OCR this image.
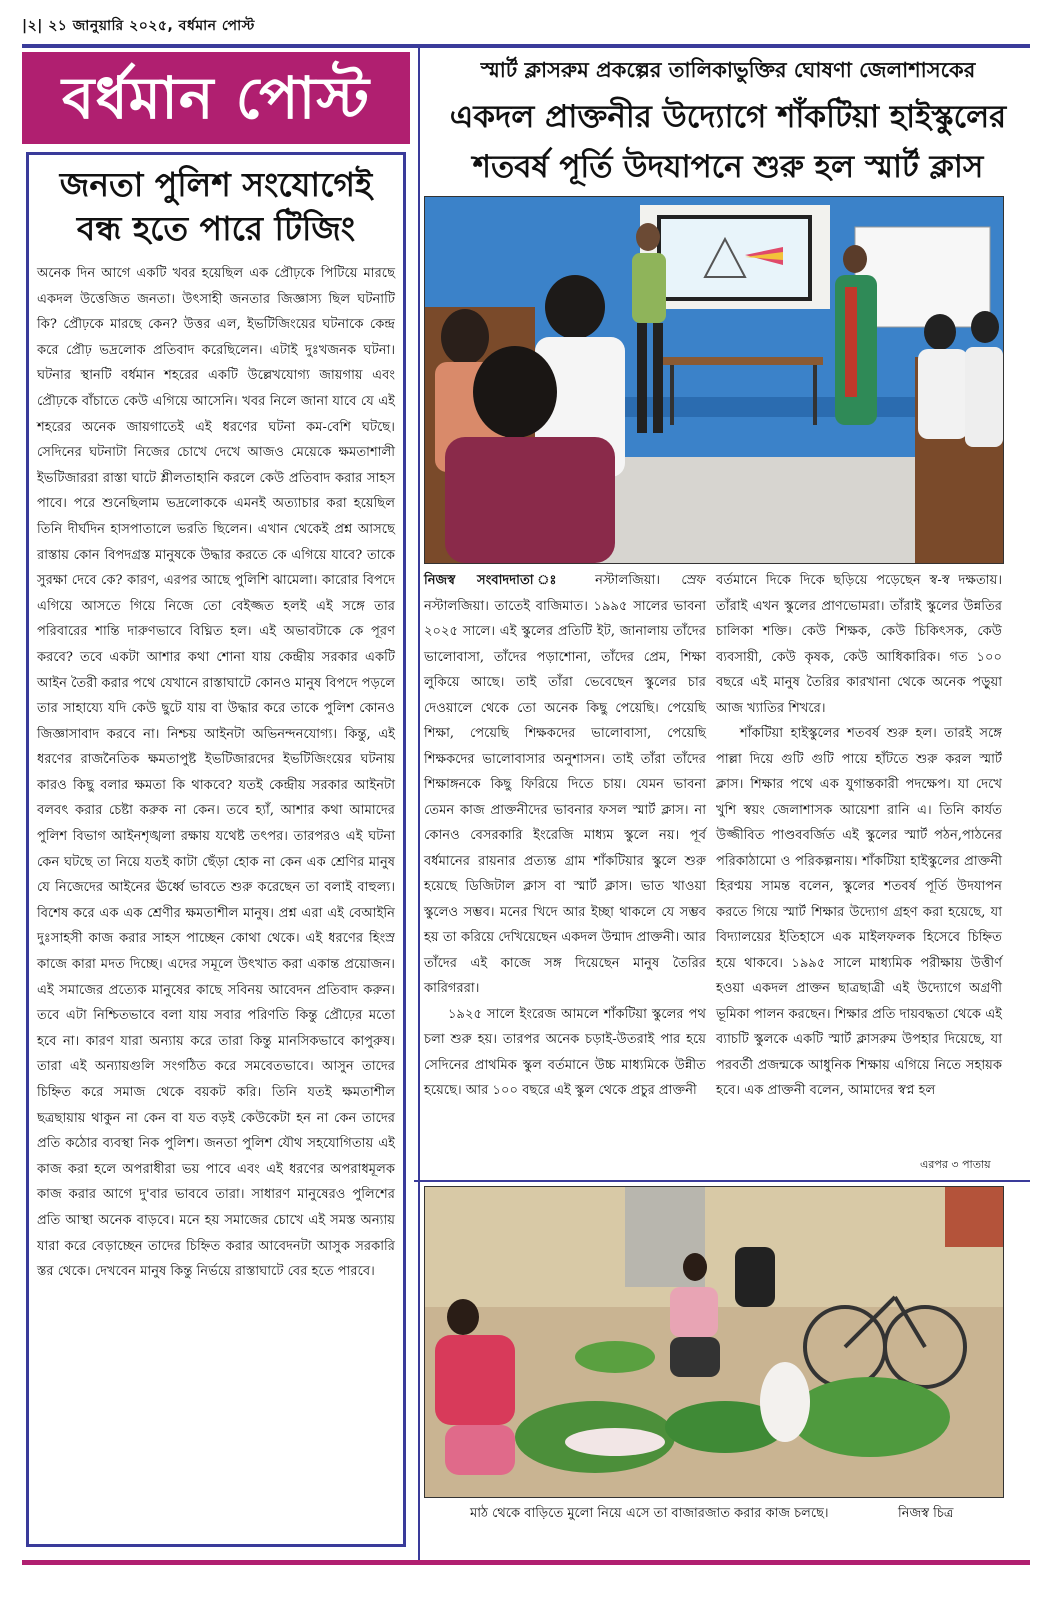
|২| ২১ জানুয়ারি ২০২৫, বর্ধমান পোস্ট
বর্ধমান পোস্ট
জনতা পুলিশ সংযোগেই বন্ধ হতে পারে টিজিং
অনেক দিন আগে একটি খবর হয়েছিল এক প্রৌঢ়কে পিটিয়ে মারছে একদল উত্তেজিত জনতা। উৎসাহী জনতার জিজ্ঞাস্য ছিল ঘটনাটি কি? প্রৌঢ়কে মারছে কেন? উত্তর এল, ইভটিজিংয়ের ঘটনাকে কেন্দ্র করে প্রৌঢ় ভদ্রলোক প্রতিবাদ করেছিলেন। এটাই দুঃখজনক ঘটনা। ঘটনার স্থানটি বর্ধমান শহরের একটি উল্লেখযোগ্য জায়গায় এবং প্রৌঢ়কে বাঁচাতে কেউ এগিয়ে আসেনি। খবর নিলে জানা যাবে যে এই শহরের অনেক জায়গাতেই এই ধরণের ঘটনা কম-বেশি ঘটছে। সেদিনের ঘটনাটা নিজের চোখে দেখে আজও মেয়েকে ক্ষমতাশালী ইভটিজাররা রাস্তা ঘাটে শ্লীলতাহানি করলে কেউ প্রতিবাদ করার সাহস পাবে। পরে শুনেছিলাম ভদ্রলোককে এমনই অত্যাচার করা হয়েছিল তিনি দীর্ঘদিন হাসপাতালে ভরতি ছিলেন। এখান থেকেই প্রশ্ন আসছে রাস্তায় কোন বিপদগ্রস্ত মানুষকে উদ্ধার করতে কে এগিয়ে যাবে? তাকে সুরক্ষা দেবে কে? কারণ, এরপর আছে পুলিশি ঝামেলা। কারোর বিপদে এগিয়ে আসতে গিয়ে নিজে তো বেইজ্জত হলই এই সঙ্গে তার পরিবারের শান্তি দারুণভাবে বিঘ্নিত হল। এই অভাবটাকে কে পূরণ করবে? তবে একটা আশার কথা শোনা যায় কেন্দ্রীয় সরকার একটি আইন তৈরী করার পথে যেখানে রাস্তাঘাটে কোনও মানুষ বিপদে পড়লে তার সাহায্যে যদি কেউ ছুটে যায় বা উদ্ধার করে তাকে পুলিশ কোনও জিজ্ঞাসাবাদ করবে না। নিশ্চয় আইনটা অভিনন্দনযোগ্য। কিন্তু, এই ধরণের রাজনৈতিক ক্ষমতাপুষ্ট ইভটিজারদের ইভটিজিংয়ের ঘটনায় কারও কিছু বলার ক্ষমতা কি থাকবে? যতই কেন্দ্রীয় সরকার আইনটা বলবৎ করার চেষ্টা করুক না কেন। তবে হ্যাঁ, আশার কথা আমাদের পুলিশ বিভাগ আইনশৃঙ্খলা রক্ষায় যথেষ্ট তৎপর। তারপরও এই ঘটনা কেন ঘটছে তা নিয়ে যতই কাটা ছেঁড়া হোক না কেন এক শ্রেণির মানুষ যে নিজেদের আইনের ঊর্ধ্বে ভাবতে শুরু করেছেন তা বলাই বাহুল্য। বিশেষ করে এক এক শ্রেণীর ক্ষমতাশীল মানুষ। প্রশ্ন এরা এই বেআইনি দুঃসাহসী কাজ করার সাহস পাচ্ছেন কোথা থেকে। এই ধরণের হিংস্র কাজে কারা মদত দিচ্ছে। এদের সমূলে উৎখাত করা একান্ত প্রয়োজন। এই সমাজের প্রত্যেক মানুষের কাছে সবিনয় আবেদন প্রতিবাদ করুন। তবে এটা নিশ্চিতভাবে বলা যায় সবার পরিণতি কিন্তু প্রৌঢ়ের মতো হবে না। কারণ যারা অন্যায় করে তারা কিন্তু মানসিকভাবে কাপুরুষ। তারা এই অন্যায়গুলি সংগঠিত করে সমবেতভাবে। আসুন তাদের চিহ্নিত করে সমাজ থেকে বয়কট করি। তিনি যতই ক্ষমতাশীল ছত্রছায়ায় থাকুন না কেন বা যত বড়ই কেউকেটা হন না কেন তাদের প্রতি কঠোর ব্যবস্থা নিক পুলিশ। জনতা পুলিশ যৌথ সহযোগিতায় এই কাজ করা হলে অপরাধীরা ভয় পাবে এবং এই ধরণের অপরাধমূলক কাজ করার আগে দু'বার ভাববে তারা। সাধারণ মানুষেরও পুলিশের প্রতি আস্থা অনেক বাড়বে। মনে হয় সমাজের চোখে এই সমস্ত অন্যায় যারা করে বেড়াচ্ছেন তাদের চিহ্নিত করার আবেদনটা আসুক সরকারি স্তর থেকে। দেখবেন মানুষ কিন্তু নির্ভয়ে রাস্তাঘাটে বের হতে পারবে।
স্মার্ট ক্লাসরুম প্রকল্পের তালিকাভুক্তির ঘোষণা জেলাশাসকের
একদল প্রাক্তনীর উদ্যোগে শাঁকটিয়া হাইস্কুলের
শতবর্ষ পূর্তি উদযাপনে শুরু হল স্মার্ট ক্লাস

নিজস্ব সংবাদদাতা ঃ নস্টালজিয়া। স্রেফ নস্টালজিয়া। তাতেই বাজিমাত। ১৯৯৫ সালের ভাবনা ২০২৫ সালে। এই স্কুলের প্রতিটি ইট, জানালায় তাঁদের ভালোবাসা, তাঁদের পড়াশোনা, তাঁদের প্রেম, শিক্ষা লুকিয়ে আছে। তাই তাঁরা ভেবেছেন স্কুলের চার দেওয়ালে থেকে তো অনেক কিছু পেয়েছি। পেয়েছি শিক্ষা, পেয়েছি শিক্ষকদের ভালোবাসা, পেয়েছি শিক্ষকদের ভালোবাসার অনুশাসন। তাই তাঁরা তাঁদের শিক্ষাঙ্গনকে কিছু ফিরিয়ে দিতে চায়। যেমন ভাবনা তেমন কাজ প্রাক্তনীদের ভাবনার ফসল স্মার্ট ক্লাস। না কোনও বেসরকারি ইংরেজি মাধ্যম স্কুলে নয়। পূর্ব বর্ধমানের রায়নার প্রত্যন্ত গ্রাম শাঁকটিয়ার স্কুলে শুরু হয়েছে ডিজিটাল ক্লাস বা স্মার্ট ক্লাস। ভাত খাওয়া স্কুলেও সম্ভব। মনের খিদে আর ইচ্ছা থাকলে যে সম্ভব হয় তা করিয়ে দেখিয়েছেন একদল উন্মাদ প্রাক্তনী। আর তাঁদের এই কাজে সঙ্গ দিয়েছেন মানুষ তৈরির কারিগররা।

১৯২৫ সালে ইংরেজ আমলে শাঁকটিয়া স্কুলের পথ চলা শুরু হয়। তারপর অনেক চড়াই-উতরাই পার হয়ে সেদিনের প্রাথমিক স্কুল বর্তমানে উচ্চ মাধ্যমিকে উন্নীত হয়েছে। আর ১০০ বছরে এই স্কুল থেকে প্রচুর প্রাক্তনী

বর্তমানে দিকে দিকে ছড়িয়ে পড়েছেন স্ব-স্ব দক্ষতায়। তাঁরাই এখন স্কুলের প্রাণভোমরা। তাঁরাই স্কুলের উন্নতির চালিকা শক্তি। কেউ শিক্ষক, কেউ চিকিৎসক, কেউ ব্যবসায়ী, কেউ কৃষক, কেউ আধিকারিক। গত ১০০ বছরে এই মানুষ তৈরির কারখানা থেকে অনেক পড়ুয়া আজ খ্যাতির শিখরে।

শাঁকটিয়া হাইস্কুলের শতবর্ষ শুরু হল। তারই সঙ্গে পাল্লা দিয়ে গুটি গুটি পায়ে হাঁটতে শুরু করল স্মার্ট ক্লাস। শিক্ষার পথে এক যুগান্তকারী পদক্ষেপ। যা দেখে খুশি স্বয়ং জেলাশাসক আয়েশা রানি এ। তিনি কার্যত উজ্জীবিত পাণ্ডববর্জিত এই স্কুলের স্মার্ট পঠন,পাঠনের পরিকাঠামো ও পরিকল্পনায়। শাঁকটিয়া হাইস্কুলের প্রাক্তনী হিরণ্ময় সামন্ত বলেন, স্কুলের শতবর্ষ পূর্তি উদযাপন করতে গিয়ে স্মার্ট শিক্ষার উদ্যোগ গ্রহণ করা হয়েছে, যা বিদ্যালয়ের ইতিহাসে এক মাইলফলক হিসেবে চিহ্নিত হয়ে থাকবে। ১৯৯৫ সালে মাধ্যমিক পরীক্ষায় উত্তীর্ণ হওয়া একদল প্রাক্তন ছাত্রছাত্রী এই উদ্যোগে অগ্রণী ভূমিকা পালন করছেন। শিক্ষার প্রতি দায়বদ্ধতা থেকে এই ব্যাচটি স্কুলকে একটি স্মার্ট ক্লাসরুম উপহার দিয়েছে, যা পরবর্তী প্রজন্মকে আধুনিক শিক্ষায় এগিয়ে নিতে সহায়ক হবে। এক প্রাক্তনী বলেন, আমাদের স্বপ্ন হল

এরপর ৩ পাতায়
মাঠ থেকে বাড়িতে মুলো নিয়ে এসে তা বাজারজাত করার কাজ চলছে।	নিজস্ব চিত্র
